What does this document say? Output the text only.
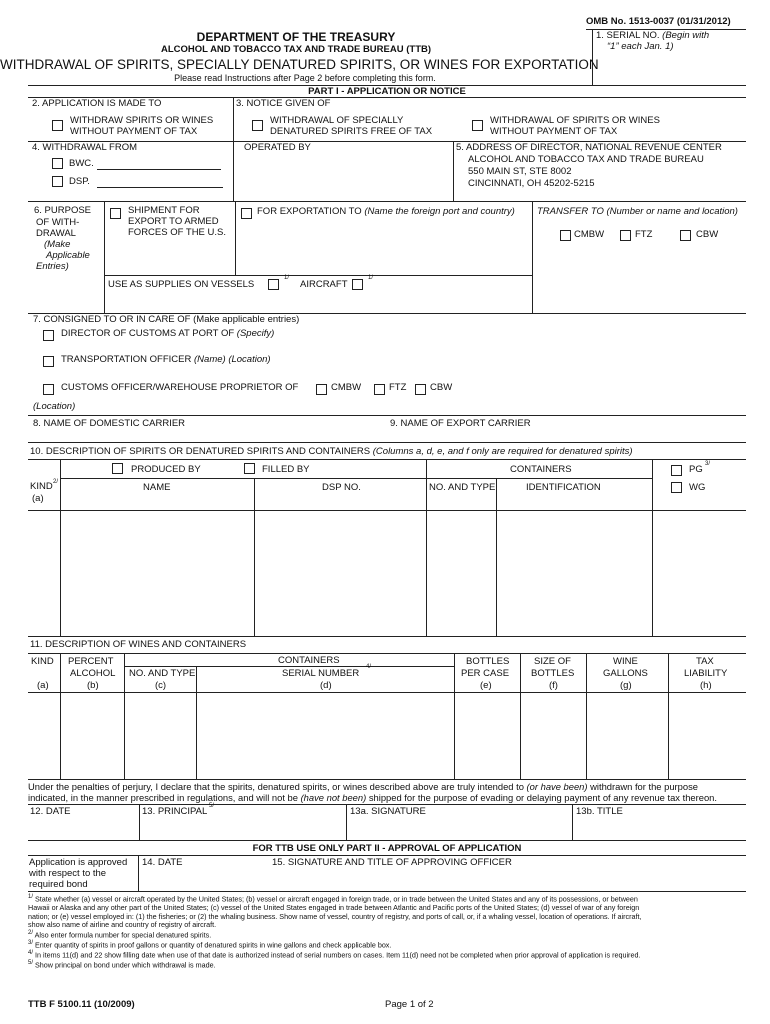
OMB No. 1513-0037 (01/31/2012)
1. SERIAL NO. (Begin with
“1” each Jan. 1)
DEPARTMENT OF THE TREASURY
ALCOHOL AND TOBACCO TAX AND TRADE BUREAU (TTB)
WITHDRAWAL OF SPIRITS, SPECIALLY DENATURED SPIRITS, OR WINES FOR EXPORTATION
Please read Instructions after Page 2 before completing this form.
PART I - APPLICATION OR NOTICE
2. APPLICATION IS MADE TO	3. NOTICE GIVEN OF
WITHDRAW SPIRITS OR WINES
WITHOUT PAYMENT OF TAX
WITHDRAWAL OF SPECIALLY
DENATURED SPIRITS FREE OF TAX
WITHDRAWAL OF SPIRITS OR WINES
WITHOUT PAYMENT OF TAX
4. WITHDRAWAL FROM	OPERATED BY
BWC.
DSP.
5. ADDRESS OF DIRECTOR, NATIONAL REVENUE CENTER
ALCOHOL AND TOBACCO TAX AND TRADE BUREAU
550 MAIN ST, STE 8002
CINCINNATI, OH 45202-5215
6. PURPOSE
OF WITH-
DRAWAL
(Make
Applicable
Entries)
SHIPMENT FOR
EXPORT TO ARMED
FORCES OF THE U.S.
FOR EXPORTATION TO (Name the foreign port and country) TRANSFER TO (Number or name and location)
CMBW	FTZ	CBW
USE AS SUPPLIES ON VESSELS
1/
AIRCRAFT
1/
7. CONSIGNED TO OR IN CARE OF (Make applicable entries)
DIRECTOR OF CUSTOMS AT PORT OF (Specify)
TRANSPORTATION OFFICER (Name) (Location)
CUSTOMS OFFICER/WAREHOUSE PROPRIETOR OF	CMBW	FTZ CBW
(Location)
8. NAME OF DOMESTIC CARRIER	9. NAME OF EXPORT CARRIER
10. DESCRIPTION OF SPIRITS OR DENATURED SPIRITS AND CONTAINERS (Columns a, d, e, and f only are required for denatured spirits)
PRODUCED BY	FILLED BY	CONTAINERS	PG 3/
KIND 2/
(a)
NAME	DSP NO.	NO. AND TYPE	IDENTIFICATION	WG
11. DESCRIPTION OF WINES AND CONTAINERS
KIND
(a)
PERCENT
ALCOHOL
(b)
CONTAINERS
NO. AND TYPE
(c)
SERIAL NUMBER
4/
(d)
BOTTLES
PER CASE
(e)
SIZE OF
BOTTLES
(f)
WINE
GALLONS
(g)
TAX
LIABILITY
(h)
Under the penalties of perjury, I declare that the spirits, denatured spirits, or wines described above are truly intended to (or have been) withdrawn for the purpose
indicated, in the manner prescribed in regulations, and will not be (have not been) shipped for the purpose of evading or delaying payment of any revenue tax thereon.
12. DATE	13. PRINCIPAL 5/	13a. SIGNATURE	13b. TITLE
FOR TTB USE ONLY PART II - APPROVAL OF APPLICATION
Application is approved
with respect to the
required bond
14. DATE	15. SIGNATURE AND TITLE OF APPROVING OFFICER
$^{1/}$ State whether (a) vessel or aircraft operated by the United States; (b) vessel or aircraft engaged in foreign trade, or in trade between the United States and any of its possessions, or between
Hawaii or Alaska and any other part of the United States; (c) vessel of the United States engaged in trade between Atlantic and Pacific ports of the United States; (d) vessel of war of any foreign
nation; or (e) vessel employed in: (1) the fisheries; or (2) the whaling business. Show name of vessel, country of registry, and ports of call, or, if a whaling vessel, location of operations. If aircraft,
show also name of airline and country of registry of aircraft.
$^{2/}$ Also enter formula number for special denatured spirits.
$^{3/}$ Enter quantity of spirits in proof gallons or quantity of denatured spirits in wine gallons and check applicable box.
$^{4/}$ In items 11(d) and 22 show filling date when use of that date is authorized instead of serial numbers on cases. Item 11(d) need not be completed when prior approval of application is required.
$^{5/}$ Show principal on bond under which withdrawal is made.
TTB F 5100.11 (10/2009)	Page 1 of 2
